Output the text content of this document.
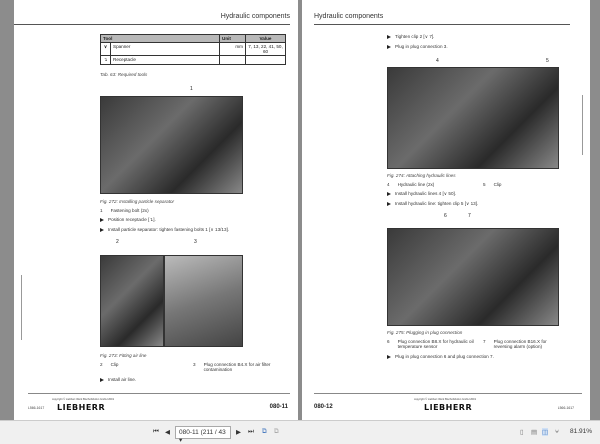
Hydraulic components
Tool		Unit	Value
∨	Spanner	mm	7, 13, 22, 41, 50, 60
↴	Receptacle		
Tab. 63: Required tools
1
Fig. 272: Installing particle separator
1 Fastening bolt (2x)
Position receptacle [↴].
Install particle separator: tighten fastening bolts 1 [∨ 13/13].
2	3
Fig. 273: Fitting air line
2 Clip	3 Plug connection B4.X for air filter contamination
Install air line.
copyright © Liebherr-Werk Bischofshofen GmbH 2019
LIEBHERR	080-11
L566-1617
Hydraulic components
Tighten clip 2 [∨ 7].
Plug in plug connection 3.
4	5
Fig. 274: Attaching hydraulic lines
4 Hydraulic line (2x)	5 Clip
Install hydraulic lines 4 [∨ 50].
Install hydraulic line: tighten clip 5 [∨ 13].
6	7
Fig. 275: Plugging in plug connection
6 Plug connection B8.X for hydraulic oil temperature sensor
7 Plug connection B16.X for reversing alarm (option)
Plug in plug connection 6 and plug connection 7.
080-12
copyright © Liebherr-Werk Bischofshofen GmbH 2019
LIEBHERR	L566-1617
⏮ ◀	080-11 (211 / 43 ▾
▶ ⏭ ⧉ ⧉	▯ ▤ ◫ ⍱ 81.91%
